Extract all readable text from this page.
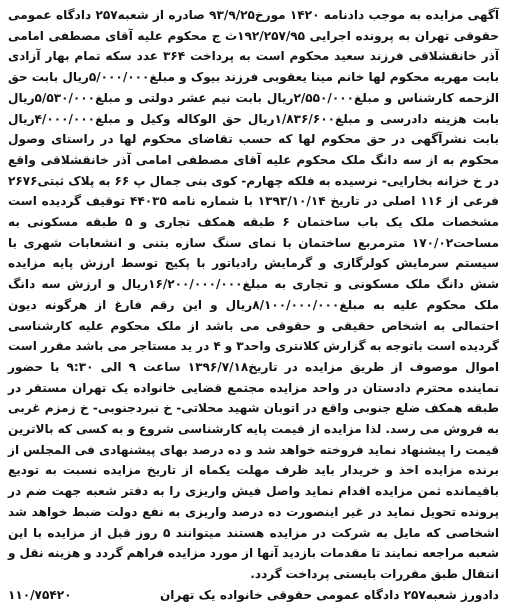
آگهی مزایده به موجب دادنامه ۱۴۲۰ مورخ۹۳/۹/۲۵ صادره از شعبه۲۵۷ دادگاه عمومی حقوقی تهران به پرونده اجرایی ۱۹۲/۲۵۷/۹۵ث ج محکوم علیه آقای مصطفی امامی آذر خانقشلاقی فرزند سعید محکوم است به پرداخت ۳۶۴ عدد سکه تمام بهار آزادی بابت مهریه محکوم لها خانم مینا یعقوبی فرزند بیوک و مبلغ۵/۰۰۰/۰۰۰ریال بابت حق الزحمه کارشناس و مبلغ۲/۵۵۰/۰۰۰ریال بابت نیم عشر دولتی و مبلغ۵/۵۳۰/۰۰۰ریال بابت هزینه دادرسی و مبلغ۱/۸۳۶/۶۰۰ریال حق الوکاله وکیل و مبلغ۴/۰۰۰/۰۰۰ریال بابت نشرآگهی در حق محکوم لها که حسب تقاضای محکوم لها در راستای وصول محکوم به از سه دانگ ملک محکوم علیه آقای مصطفی امامی آذر خانقشلاقی واقع در خ خزانه بخارایی- نرسیده به فلکه چهارم- کوی بنی جمال پ ۶۶ به پلاک ثبتی۲۶۷۶ فرعی از ۱۱۶ اصلی در تاریخ ۱۳۹۳/۱۰/۱۴ با شماره نامه ۴۴۰۳۵ توقیف گردیده است مشخصات ملک یک باب ساختمان ۶ طبقه همکف تجاری و ۵ طبقه مسکونی به مساحت۱۷۰/۰۲ مترمربع ساختمان با نمای سنگ سازه بتنی و انشعابات شهری با سیستم سرمایش کولرگازی و گرمایش رادیاتور با پکیج توسط ارزش پایه مزایده شش دانگ ملک مسکونی و تجاری به مبلغ۱۶/۲۰۰/۰۰۰/۰۰۰ریال و ارزش سه دانگ ملک محکوم علیه به مبلغ۸/۱۰۰/۰۰۰/۰۰۰ریال و این رقم فارغ از هرگونه دیون احتمالی به اشخاص حقیقی و حقوقی می باشد از ملک محکوم علیه کارشناسی گردیده است باتوجه به گزارش کلانتری واحد۳ و ۴ در ید مستاجر می باشد مقرر است اموال موصوف از طریق مزایده در تاریخ۱۳۹۶/۷/۱۸ ساعت ۹ الی ۹:۳۰ با حضور نماینده محترم دادستان در واحد مزایده مجتمع قضایی خانواده یک تهران مستقر در طبقه همکف ضلع جنوبی واقع در اتوبان شهید محلاتی- خ نبردجنوبی- خ زمزم غربی به فروش می رسد. لذا مزایده از قیمت پایه کارشناسی شروع و به کسی که بالاترین قیمت را پیشنهاد نماید فروخته خواهد شد و ده درصد بهای پیشنهادی فی المجلس از برنده مزایده اخذ و خریدار باید ظرف مهلت یکماه از تاریخ مزایده نسبت به تودیع باقیمانده ثمن مزایده اقدام نماید واصل فیش واریزی را به دفتر شعبه جهت ضم در پرونده تحویل نماید در غیر اینصورت ده درصد واریزی به نفع دولت ضبط خواهد شد اشخاصی که مایل به شرکت در مزایده هستند میتوانند ۵ روز قبل از مزایده با این شعبه مراجعه نمایند تا مقدمات بازدید آنها از مورد مزایده فراهم گردد و هزینه نقل و انتقال طبق مقررات بایستی پرداخت گردد.

دادورز شعبه۲۵۷ دادگاه عمومی حقوقی خانواده یک تهران
۱۱۰/۷۵۴۲۰
